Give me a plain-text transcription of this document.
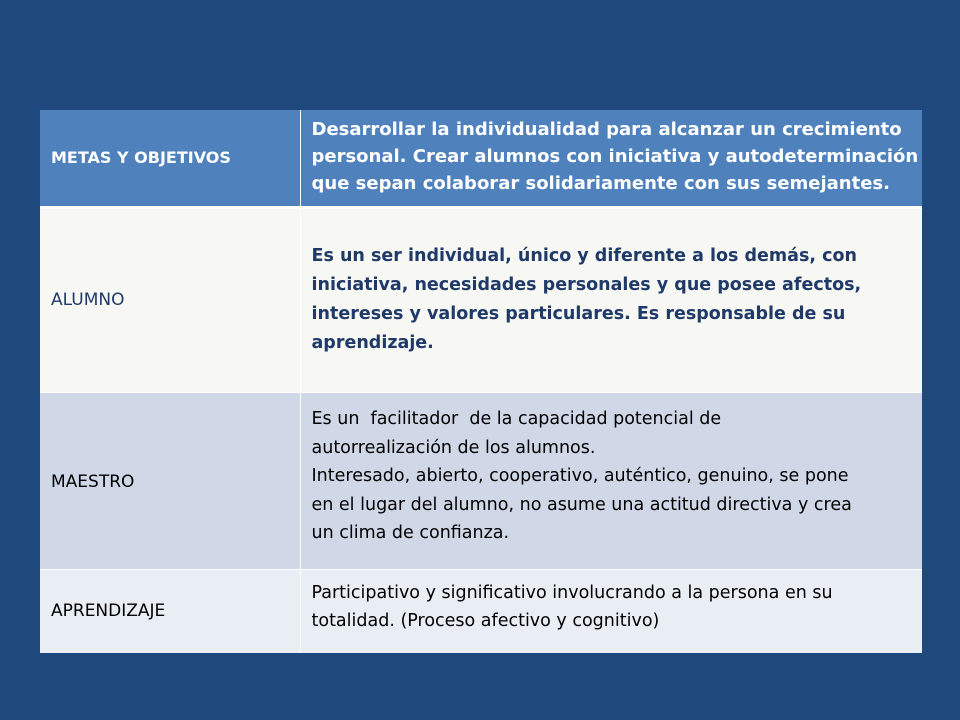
METAS Y OBJETIVOS	Desarrollar la individualidad para alcanzar un crecimiento
personal. Crear alumnos con iniciativa y autodeterminación
que sepan colaborar solidariamente con sus semejantes.

ALUMNO	Es un ser individual, único y diferente a los demás, con
iniciativa, necesidades personales y que posee afectos,
intereses y valores particulares. Es responsable de su
aprendizaje.

MAESTRO	Es un  facilitador  de la capacidad potencial de
autorrealización de los alumnos.
Interesado, abierto, cooperativo, auténtico, genuino, se pone
en el lugar del alumno, no asume una actitud directiva y crea
un clima de confianza.

APRENDIZAJE	Participativo y significativo involucrando a la persona en su
totalidad. (Proceso afectivo y cognitivo)
